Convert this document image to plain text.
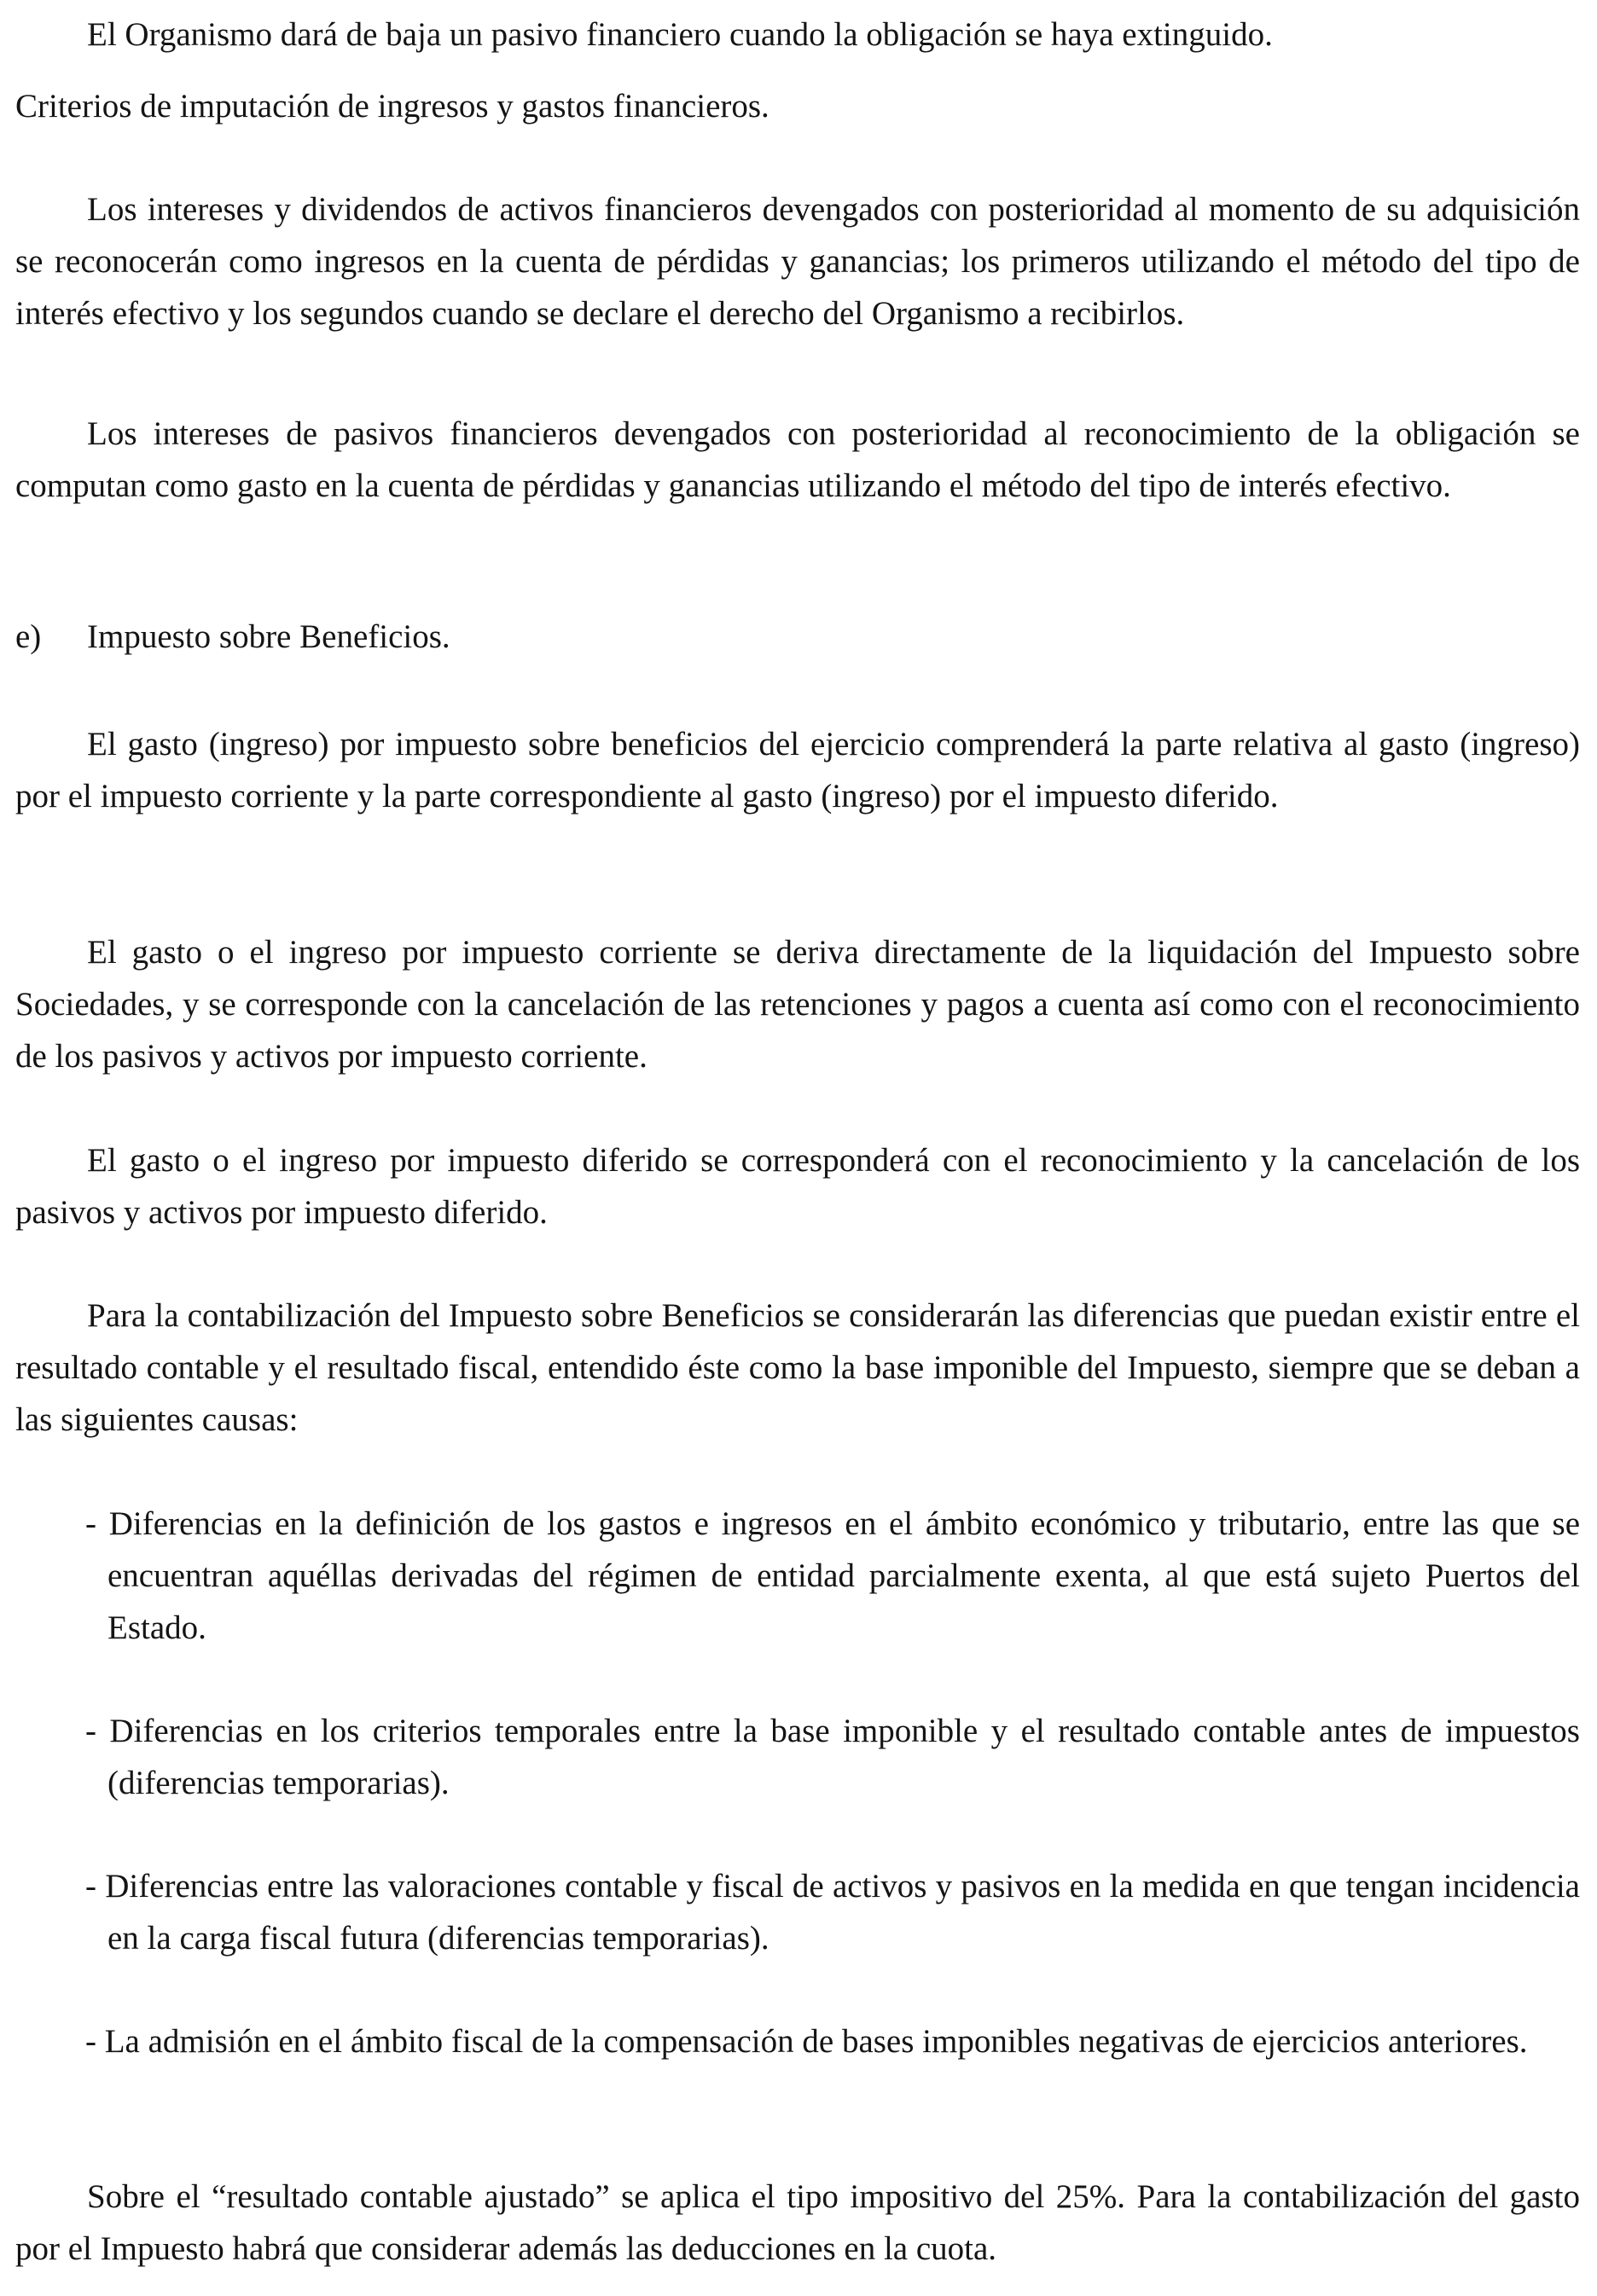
El Organismo dará de baja un pasivo financiero cuando la obligación se haya extinguido.

Criterios de imputación de ingresos y gastos financieros.

Los intereses y dividendos de activos financieros devengados con posterioridad al momento de su adquisición se reconocerán como ingresos en la cuenta de pérdidas y ganancias; los primeros utilizando el método del tipo de interés efectivo y los segundos cuando se declare el derecho del Organismo a recibirlos.

Los intereses de pasivos financieros devengados con posterioridad al reconocimiento de la obligación se computan como gasto en la cuenta de pérdidas y ganancias utilizando el método del tipo de interés efectivo.

e) Impuesto sobre Beneficios.

El gasto (ingreso) por impuesto sobre beneficios del ejercicio comprenderá la parte relativa al gasto (ingreso) por el impuesto corriente y la parte correspondiente al gasto (ingreso) por el impuesto diferido.

El gasto o el ingreso por impuesto corriente se deriva directamente de la liquidación del Impuesto sobre Sociedades, y se corresponde con la cancelación de las retenciones y pagos a cuenta así como con el reconocimiento de los pasivos y activos por impuesto corriente.

El gasto o el ingreso por impuesto diferido se corresponderá con el reconocimiento y la cancelación de los pasivos y activos por impuesto diferido.

Para la contabilización del Impuesto sobre Beneficios se considerarán las diferencias que puedan existir entre el resultado contable y el resultado fiscal, entendido éste como la base imponible del Impuesto, siempre que se deban a las siguientes causas:

- Diferencias en la definición de los gastos e ingresos en el ámbito económico y tributario, entre las que se encuentran aquéllas derivadas del régimen de entidad parcialmente exenta, al que está sujeto Puertos del Estado.

- Diferencias en los criterios temporales entre la base imponible y el resultado contable antes de impuestos (diferencias temporarias).

- Diferencias entre las valoraciones contable y fiscal de activos y pasivos en la medida en que tengan incidencia en la carga fiscal futura (diferencias temporarias).

- La admisión en el ámbito fiscal de la compensación de bases imponibles negativas de ejercicios anteriores.

Sobre el “resultado contable ajustado” se aplica el tipo impositivo del 25%. Para la contabilización del gasto por el Impuesto habrá que considerar además las deducciones en la cuota.
